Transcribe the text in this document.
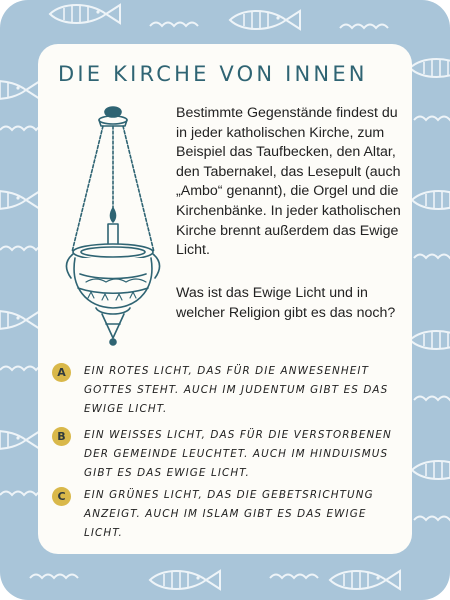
DIE KIRCHE VON INNEN

Bestimmte Gegenstände findest du in jeder katholischen Kirche, zum Beispiel das Taufbecken, den Altar, den Tabernakel, das Lesepult (auch „Ambo“ genannt), die Orgel und die Kirchenbänke. In jeder katholischen Kirche brennt außerdem das Ewige Licht.

Was ist das Ewige Licht und in welcher Religion gibt es das noch?

A	EIN ROTES LICHT, DAS FÜR DIE ANWESENHEIT GOTTES STEHT. AUCH IM JUDENTUM GIBT ES DAS EWIGE LICHT.

B	EIN WEISSES LICHT, DAS FÜR DIE VERSTORBENEN DER GEMEINDE LEUCHTET. AUCH IM HINDUISMUS GIBT ES DAS EWIGE LICHT.

C	EIN GRÜNES LICHT, DAS DIE GEBETSRICHTUNG ANZEIGT. AUCH IM ISLAM GIBT ES DAS EWIGE LICHT.
